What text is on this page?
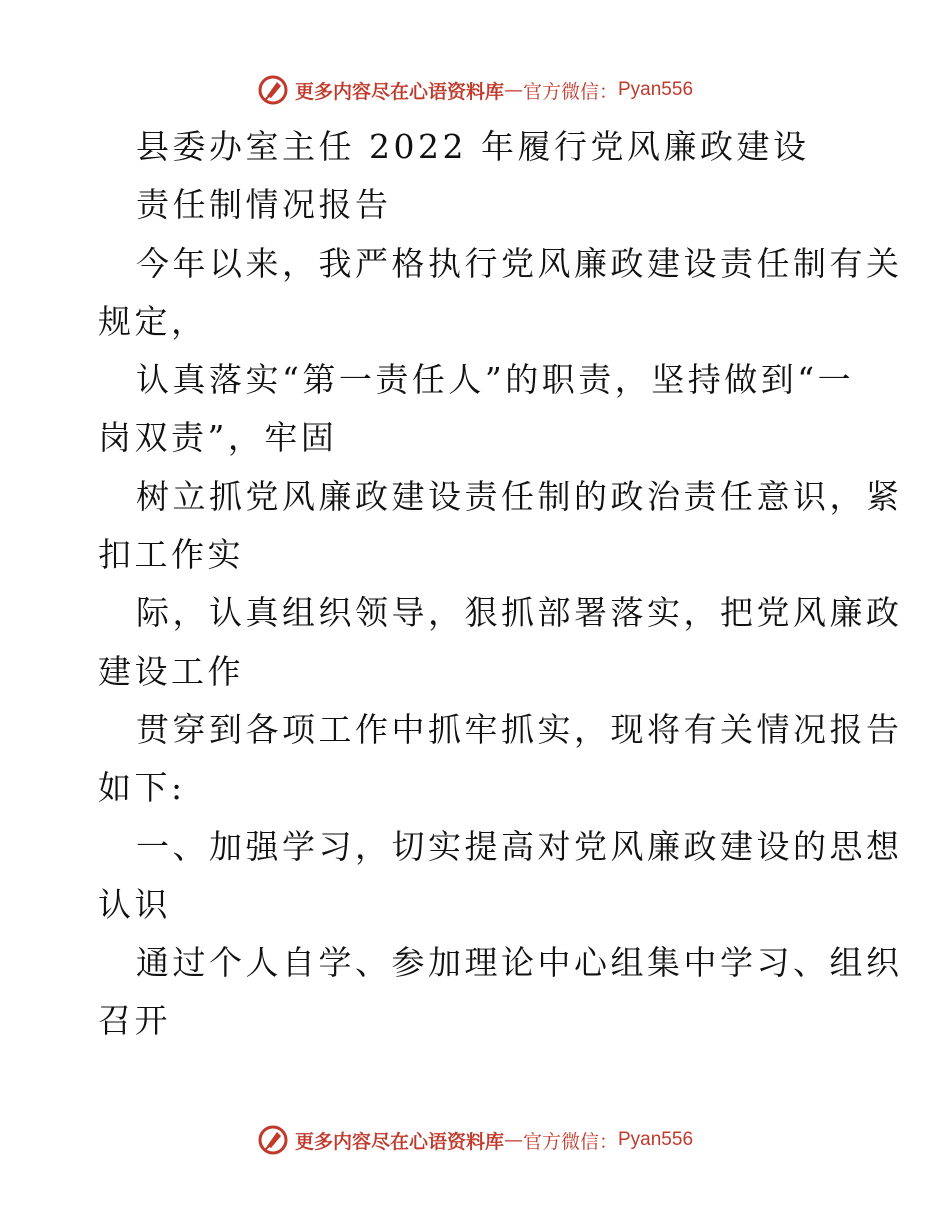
更多内容尽在心语资料库 — 官方微信： Pyan556
县委办室主任 2022 年履行党风廉政建设
责任制情况报告
今年以来，我严格执行党风廉政建设责任制有关
规定，
认真落实“第一责任人”的职责，坚持做到“一
岗双责”，牢固
树立抓党风廉政建设责任制的政治责任意识，紧
扣工作实
际，认真组织领导，狠抓部署落实，把党风廉政
建设工作
贯穿到各项工作中抓牢抓实，现将有关情况报告
如下:
一、加强学习，切实提高对党风廉政建设的思想
认识
通过个人自学、参加理论中心组集中学习、组织
召开
更多内容尽在心语资料库 — 官方微信： Pyan556
